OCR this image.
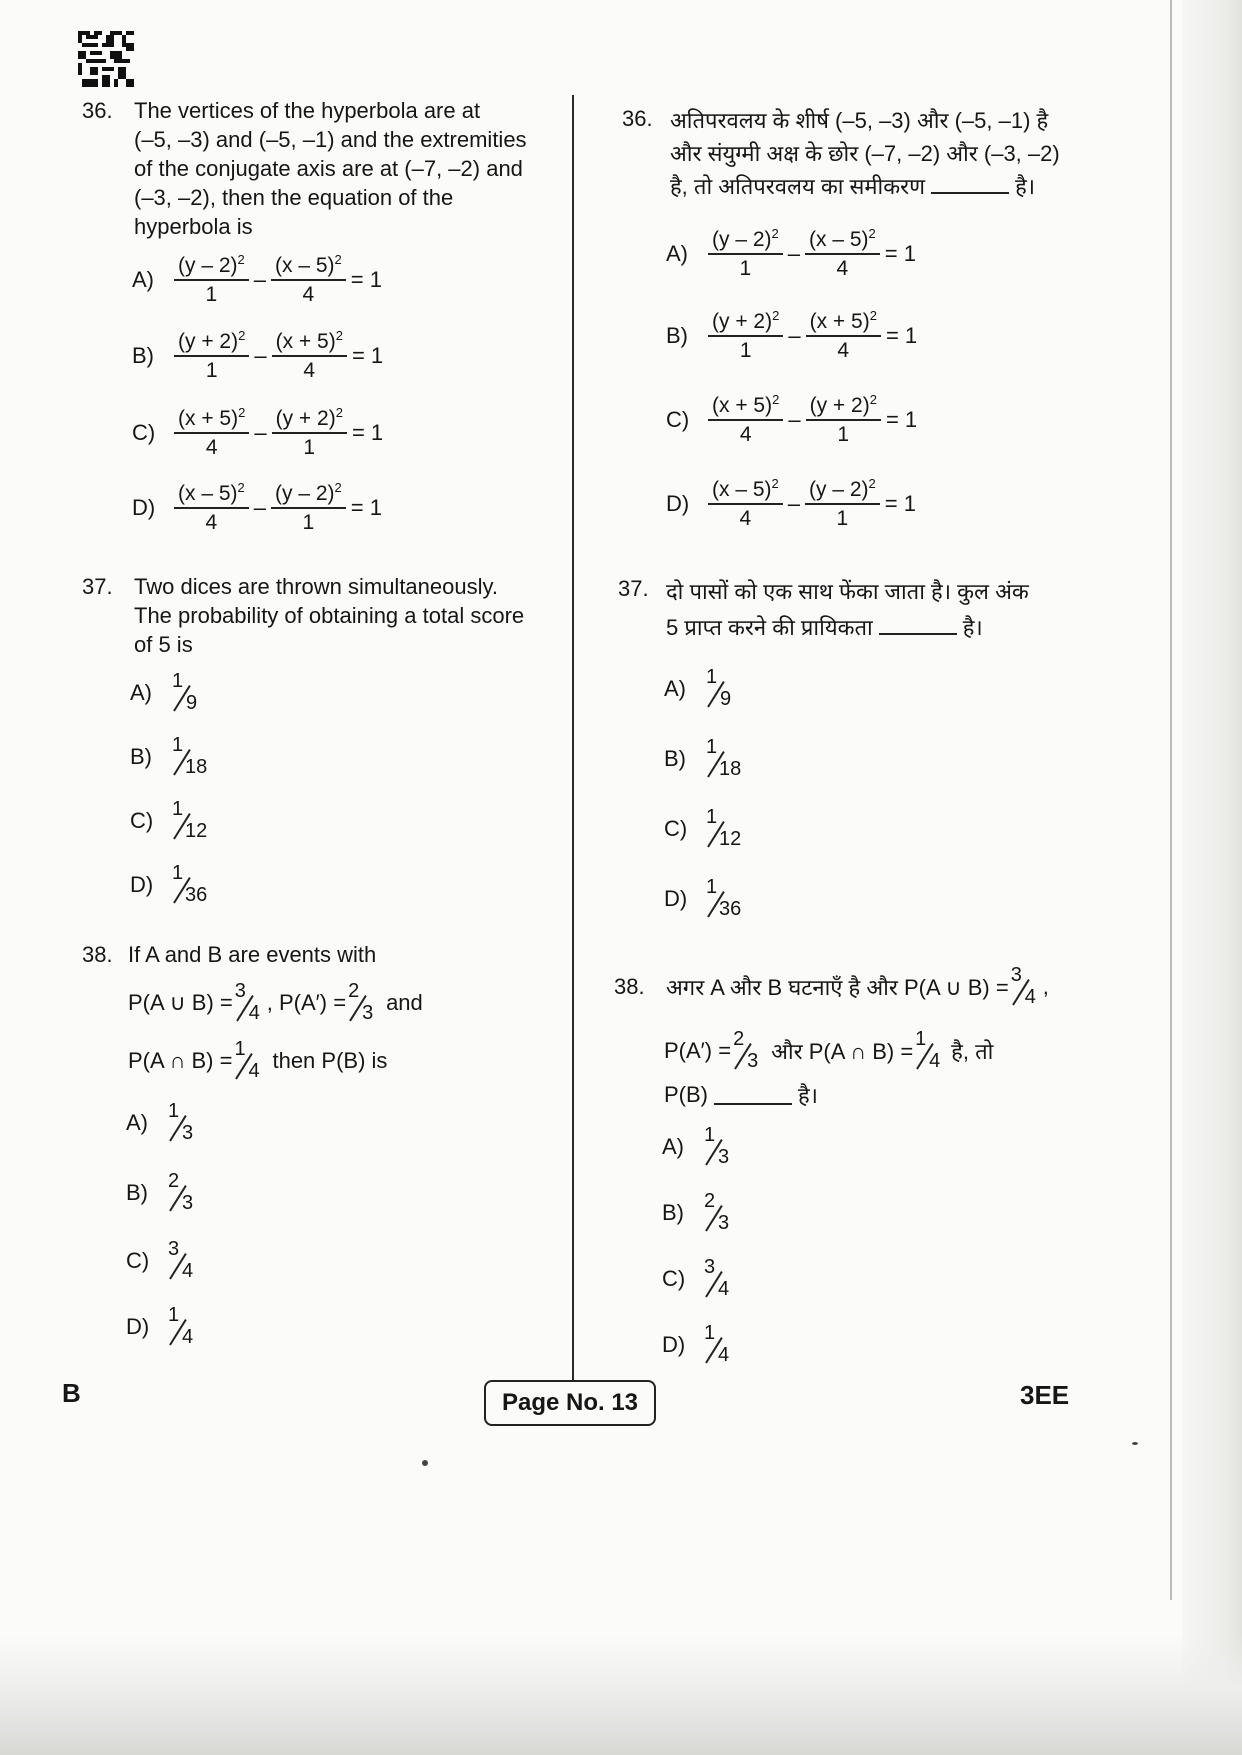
36. The vertices of the hyperbola are at
(–5, –3) and (–5, –1) and the extremities
of the conjugate axis are at (–7, –2) and
(–3, –2), then the equation of the
hyperbola is
$A) \frac{(y - 2)^2}{1} - \frac{(x - 5)^2}{4} = 1$
$B) \frac{(y + 2)^2}{1} - \frac{(x + 5)^2}{4} = 1$
$C) \frac{(x + 5)^2}{4} - \frac{(y + 2)^2}{1} = 1$
$D) \frac{(x - 5)^2}{4} - \frac{(y - 2)^2}{1} = 1$
37. Two dices are thrown simultaneously.
The probability of obtaining a total score
of 5 is
A)	1
9
B)	1
18
C) 1
12
D) 1
36
38. If A and B are events with
P(A ∪ B) = 3
4 , P(A′) = 2
3 and
P(A ∩ B) = 1
4 then P(B) is
A)	1
3
B)	2
3
C) 3
4
D) 1
4
36. अतिपरवलय के शीर्ष (–5, –3) और (–5, –1) है
और संयुग्मी अक्ष के छोर (–7, –2) और (–3, –2)
है, तो अतिपरवलय का समीकरण	है।
$A) \frac{(y - 2)^2}{1} - \frac{(x - 5)^2}{4} = 1$
$B) \frac{(y + 2)^2}{1} - \frac{(x + 5)^2}{4} = 1$
$C) \frac{(x + 5)^2}{4} - \frac{(y + 2)^2}{1} = 1$
$D) \frac{(x - 5)^2}{4} - \frac{(y - 2)^2}{1} = 1$
37. दो पासों को एक साथ फेंका जाता है। कुल अंक
5 प्राप्त करने की प्रायिकता	है।
A)	1
9
B)	1
18
C) 1
12
D) 1
36
38. अगर A और B घटनाएँ है और P(A ∪ B) = 3
4 ,
P(A′) = 2
3 और P(A ∩ B) = 1
4 है, तो
P(B)	है।
A)	1
3
B)	2
3
C) 3
4
D) 1
4
B	Page No. 13	3EE
